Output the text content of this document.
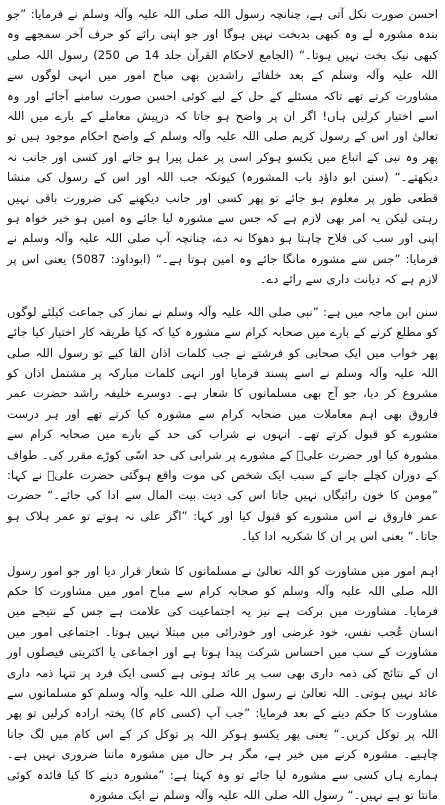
احسن صورت نکل آتی ہے، چنانچہ رسول اللہ صلی اللہ علیہ وآلہ وسلم نے فرمایا: ”جو بندہ مشورہ لے وہ کبھی بدبخت نہیں ہوگا اور جو اپنی رائے کو حرف آخر سمجھے وہ کبھی نیک بخت نہیں ہوتا۔“ (الجامع لاحکام القرآن جلد 14 ص 250) رسول اللہ صلی اللہ علیہ وآلہ وسلم کے بعد خلفائے راشدین بھی مباح امور میں انہی لوگوں سے مشاورت کرتے تھے تاکہ مسئلے کے حل کے لیے کوئی احسن صورت سامنے آجائے اور وہ اسے اختیار کرلیں ہاں! اگر ان پر واضح ہو جاتا کہ درپیش معاملے کے بارے میں اللہ تعالیٰ اور اس کے رسول کریم صلی اللہ علیہ وآلہ وسلم کے واضح احکام موجود ہیں تو پھر وہ نبی کے اتباع میں یکسو ہوکر اسی پر عمل پیرا ہو جاتے اور کسی اور جانب نہ دیکھتے۔“ (سنن ابو داؤد باب المشورہ) کیونکہ جب اللہ اور اس کے رسول کی منشا قطعی طور پر معلوم ہو جائے تو پھر کسی اور جانب دیکھنے کی ضرورت باقی نہیں رہتی لیکن یہ امر بھی لازم ہے کہ جس سے مشورہ لیا جائے وہ امین ہو خیر خواہ ہو اپنی اور سب کی فلاح چاہتا ہو دھوکا نہ دے، چنانچہ آپ صلی اللہ علیہ وآلہ وسلم نے فرمایا: ”جس سے مشورہ مانگا جائے وہ امین ہوتا ہے۔“ (ابوداود: 5087) یعنی اس پر لازم ہے کہ دیانت داری سے رائے دے۔

سنن ابن ماجہ میں ہے: ”نبی صلی اللہ علیہ وآلہ وسلم نے نماز کی جماعت کیلئے لوگوں کو مطلع کرنے کے بارے میں صحابہ کرام سے مشورہ کیا کہ کیا طریقہ کار اختیار کیا جائے پھر خواب میں ایک صحابی کو فرشتے نے جب کلمات اذان القا کیے تو رسول اللہ صلی اللہ علیہ وآلہ وسلم نے اسے پسند فرمایا اور انہی کلمات مبارکہ پر مشتمل اذان کو مشروع کر دیا، جو آج بھی مسلمانوں کا شعار ہے۔ دوسرے خلیفہ راشد حضرت عمر فاروق بھی اہم معاملات میں صحابہ کرام سے مشورہ کیا کرتے تھے اور ہر درست مشورے کو قبول کرتے تھے۔ انہوں نے شراب کی حد کے بارے میں صحابہ کرام سے مشورہ کیا اور حضرت علیؓ کے مشورے پر شرابی کی حد اسّی کوڑے مقرر کی۔ طواف کے دوران کچلے جانے کے سبب ایک شخص کی موت واقع ہوگئی حضرت علیؓ نے کہا: ”مومن کا خون رائیگاں نہیں جاتا اس کی دیت بیت المال سے ادا کی جائے۔“ حضرت عمر فاروق نے اس مشورے کو قبول کیا اور کہا: ”اگر علی نہ ہوتے تو عمر ہلاک ہو جاتا۔“ یعنی اس پر ان کا شکریہ ادا کیا۔

اہم امور میں مشاورت کو اللہ تعالیٰ نے مسلمانوں کا شعار قرار دیا اور جو امور رسول اللہ صلی اللہ علیہ وآلہ وسلم کو صحابہ کرام سے مباح امور میں مشاورت کا حکم فرمایا۔ مشاورت میں برکت ہے نیز یہ اجتماعیت کی علامت ہے جس کے نتیجے میں انسان عُجب نفس، خود غرضی اور خودرائی میں مبتلا نہیں ہوتا۔ اجتماعی امور میں مشاورت کے سب میں احساس شرکت پیدا ہوتا ہے اور اجماعی یا اکثریتی فیصلوں اور ان کے نتائج کی ذمہ داری بھی سب پر عائد ہوتی ہے کسی ایک فرد پر تنہا ذمہ داری عائد نہیں ہوتی۔ اللہ تعالیٰ نے رسول اللہ صلی اللہ علیہ وآلہ وسلم کو مسلمانوں سے مشاورت کا حکم دینے کے بعد فرمایا: ”جب آپ (کسی کام کا) پختہ ارادہ کرلیں تو پھر اللہ پر توکل کریں۔“ یعنی پھر یکسو ہوکر اللہ پر توکل کر کے اس کام میں لگ جانا چاہیے۔ مشورہ کرنے میں خیر ہے، مگر ہر حال میں مشورہ ماننا ضروری نہیں ہے۔ ہمارے ہاں کسی سے مشورہ لیا جائے تو وہ کہتا ہے: ”مشورہ دینے کا کیا فائدہ کوئی مانتا تو ہے نہیں۔“ رسول اللہ صلی اللہ علیہ وآلہ وسلم نے ایک مشورہ
